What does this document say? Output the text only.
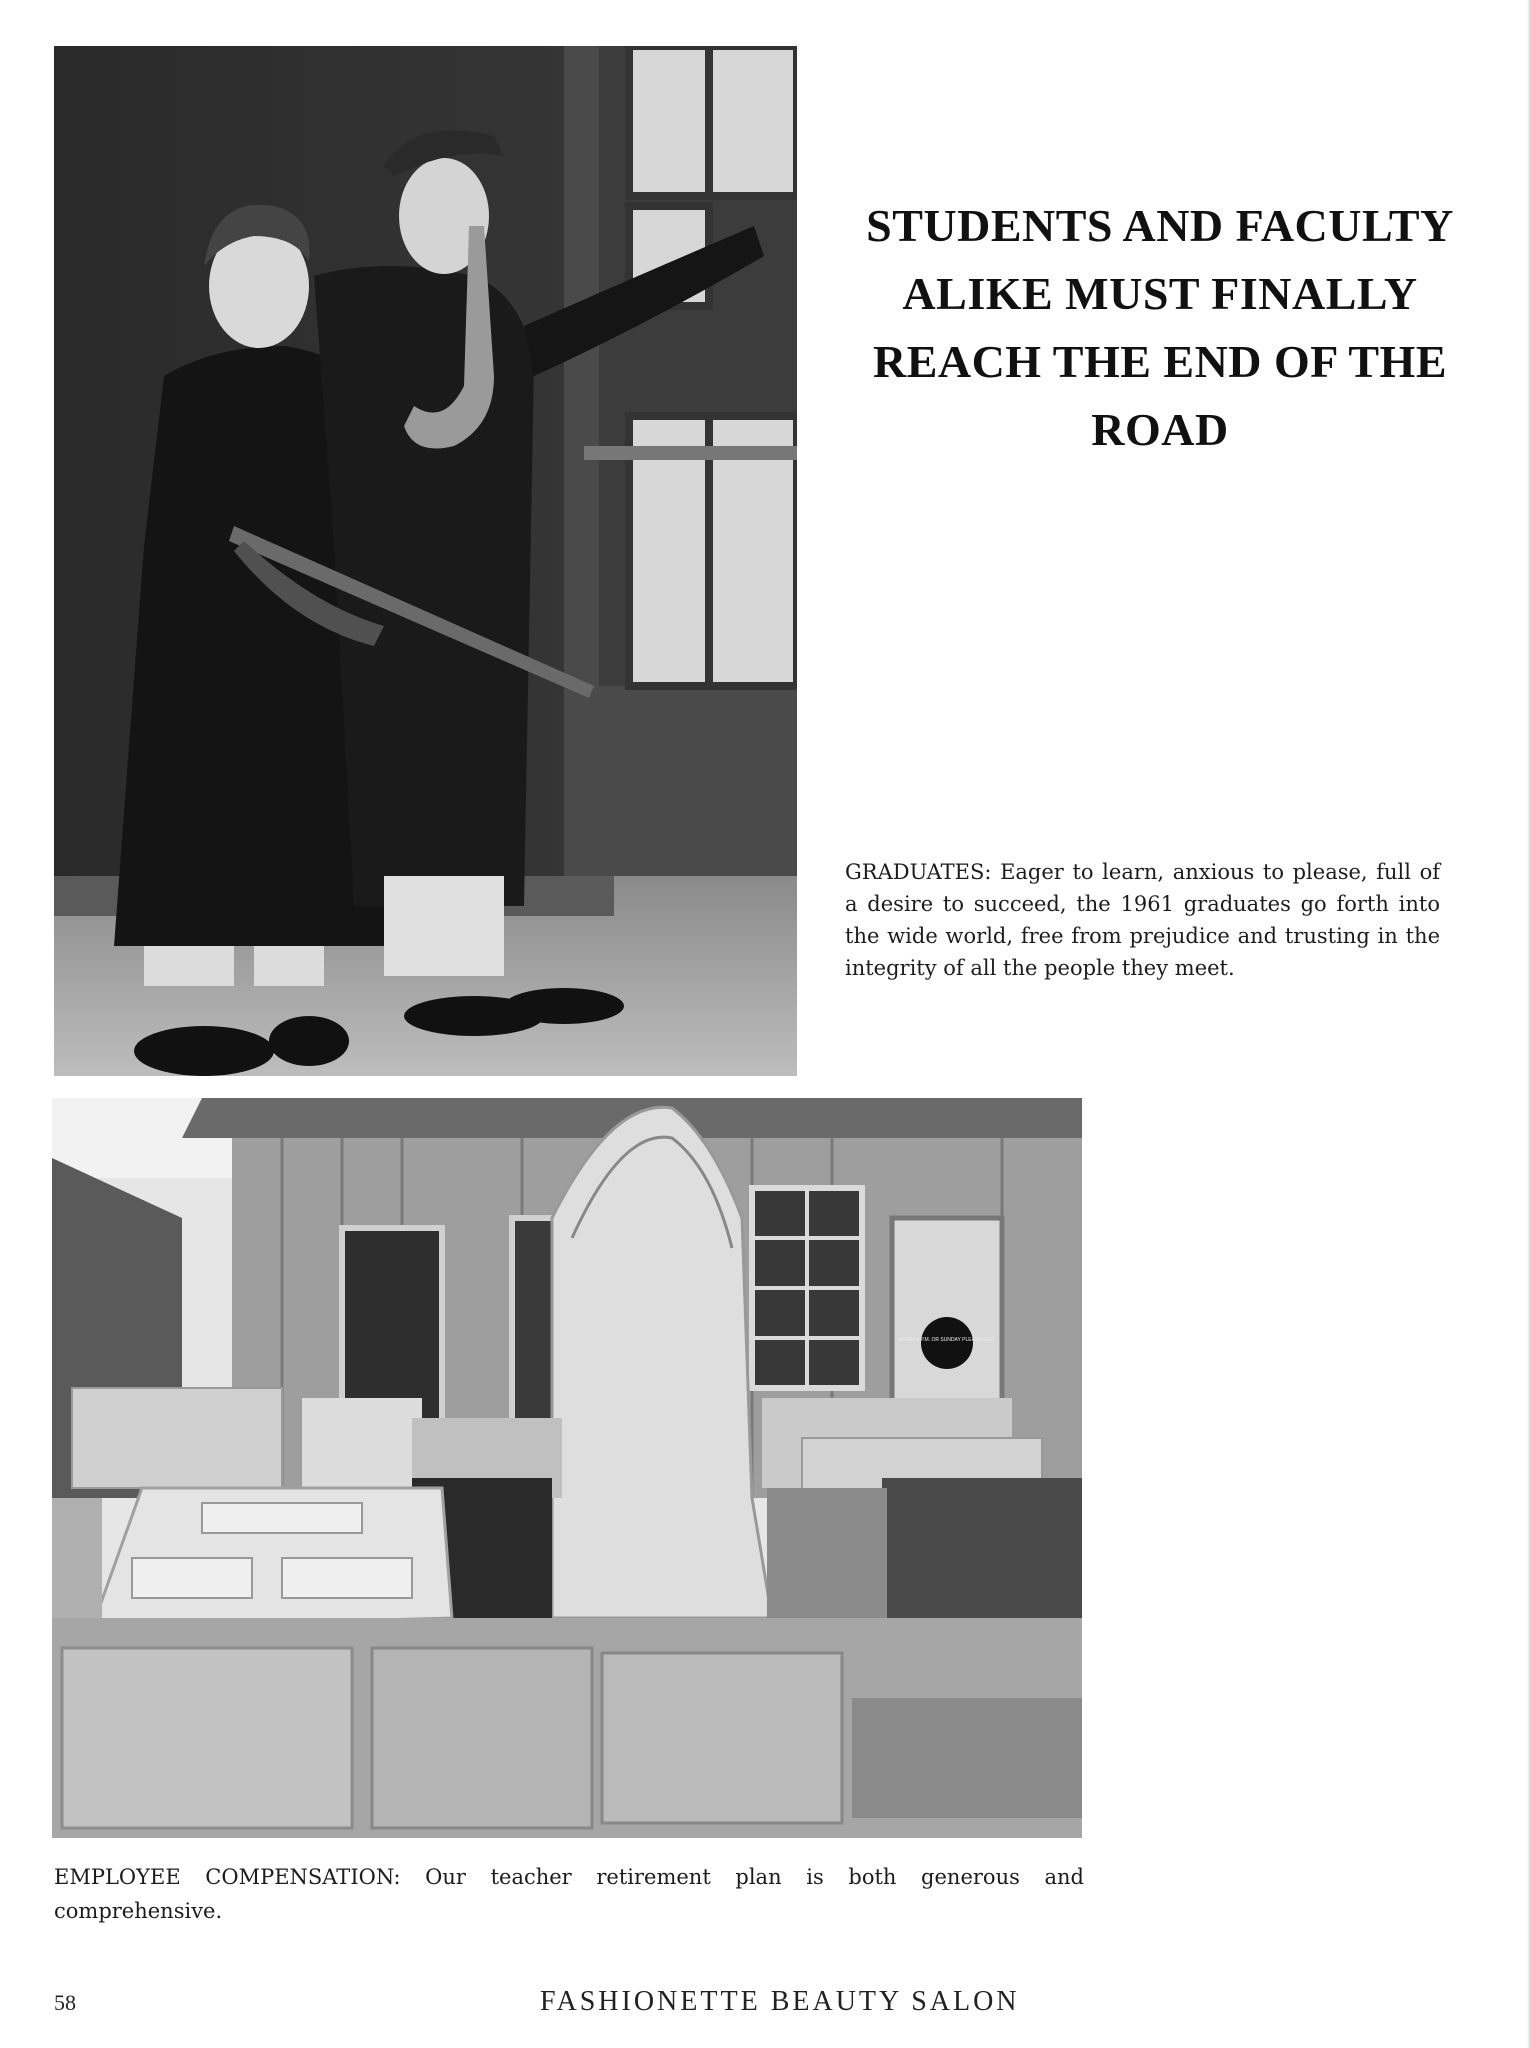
STUDENTS AND FACULTY
ALIKE MUST FINALLY
REACH THE END OF THE
ROAD
GRADUATES: Eager to learn, anxious to please, full of a desire to succeed, the 1961 graduates go forth into the wide world, free from prejudice and trusting in the integrity of all the people they meet.
AFTER 4 P.M. OR SUNDAY PLEASE CALL
EMPLOYEE COMPENSATION: Our teacher retirement plan is both generous and comprehensive.
58	FASHIONETTE BEAUTY SALON
